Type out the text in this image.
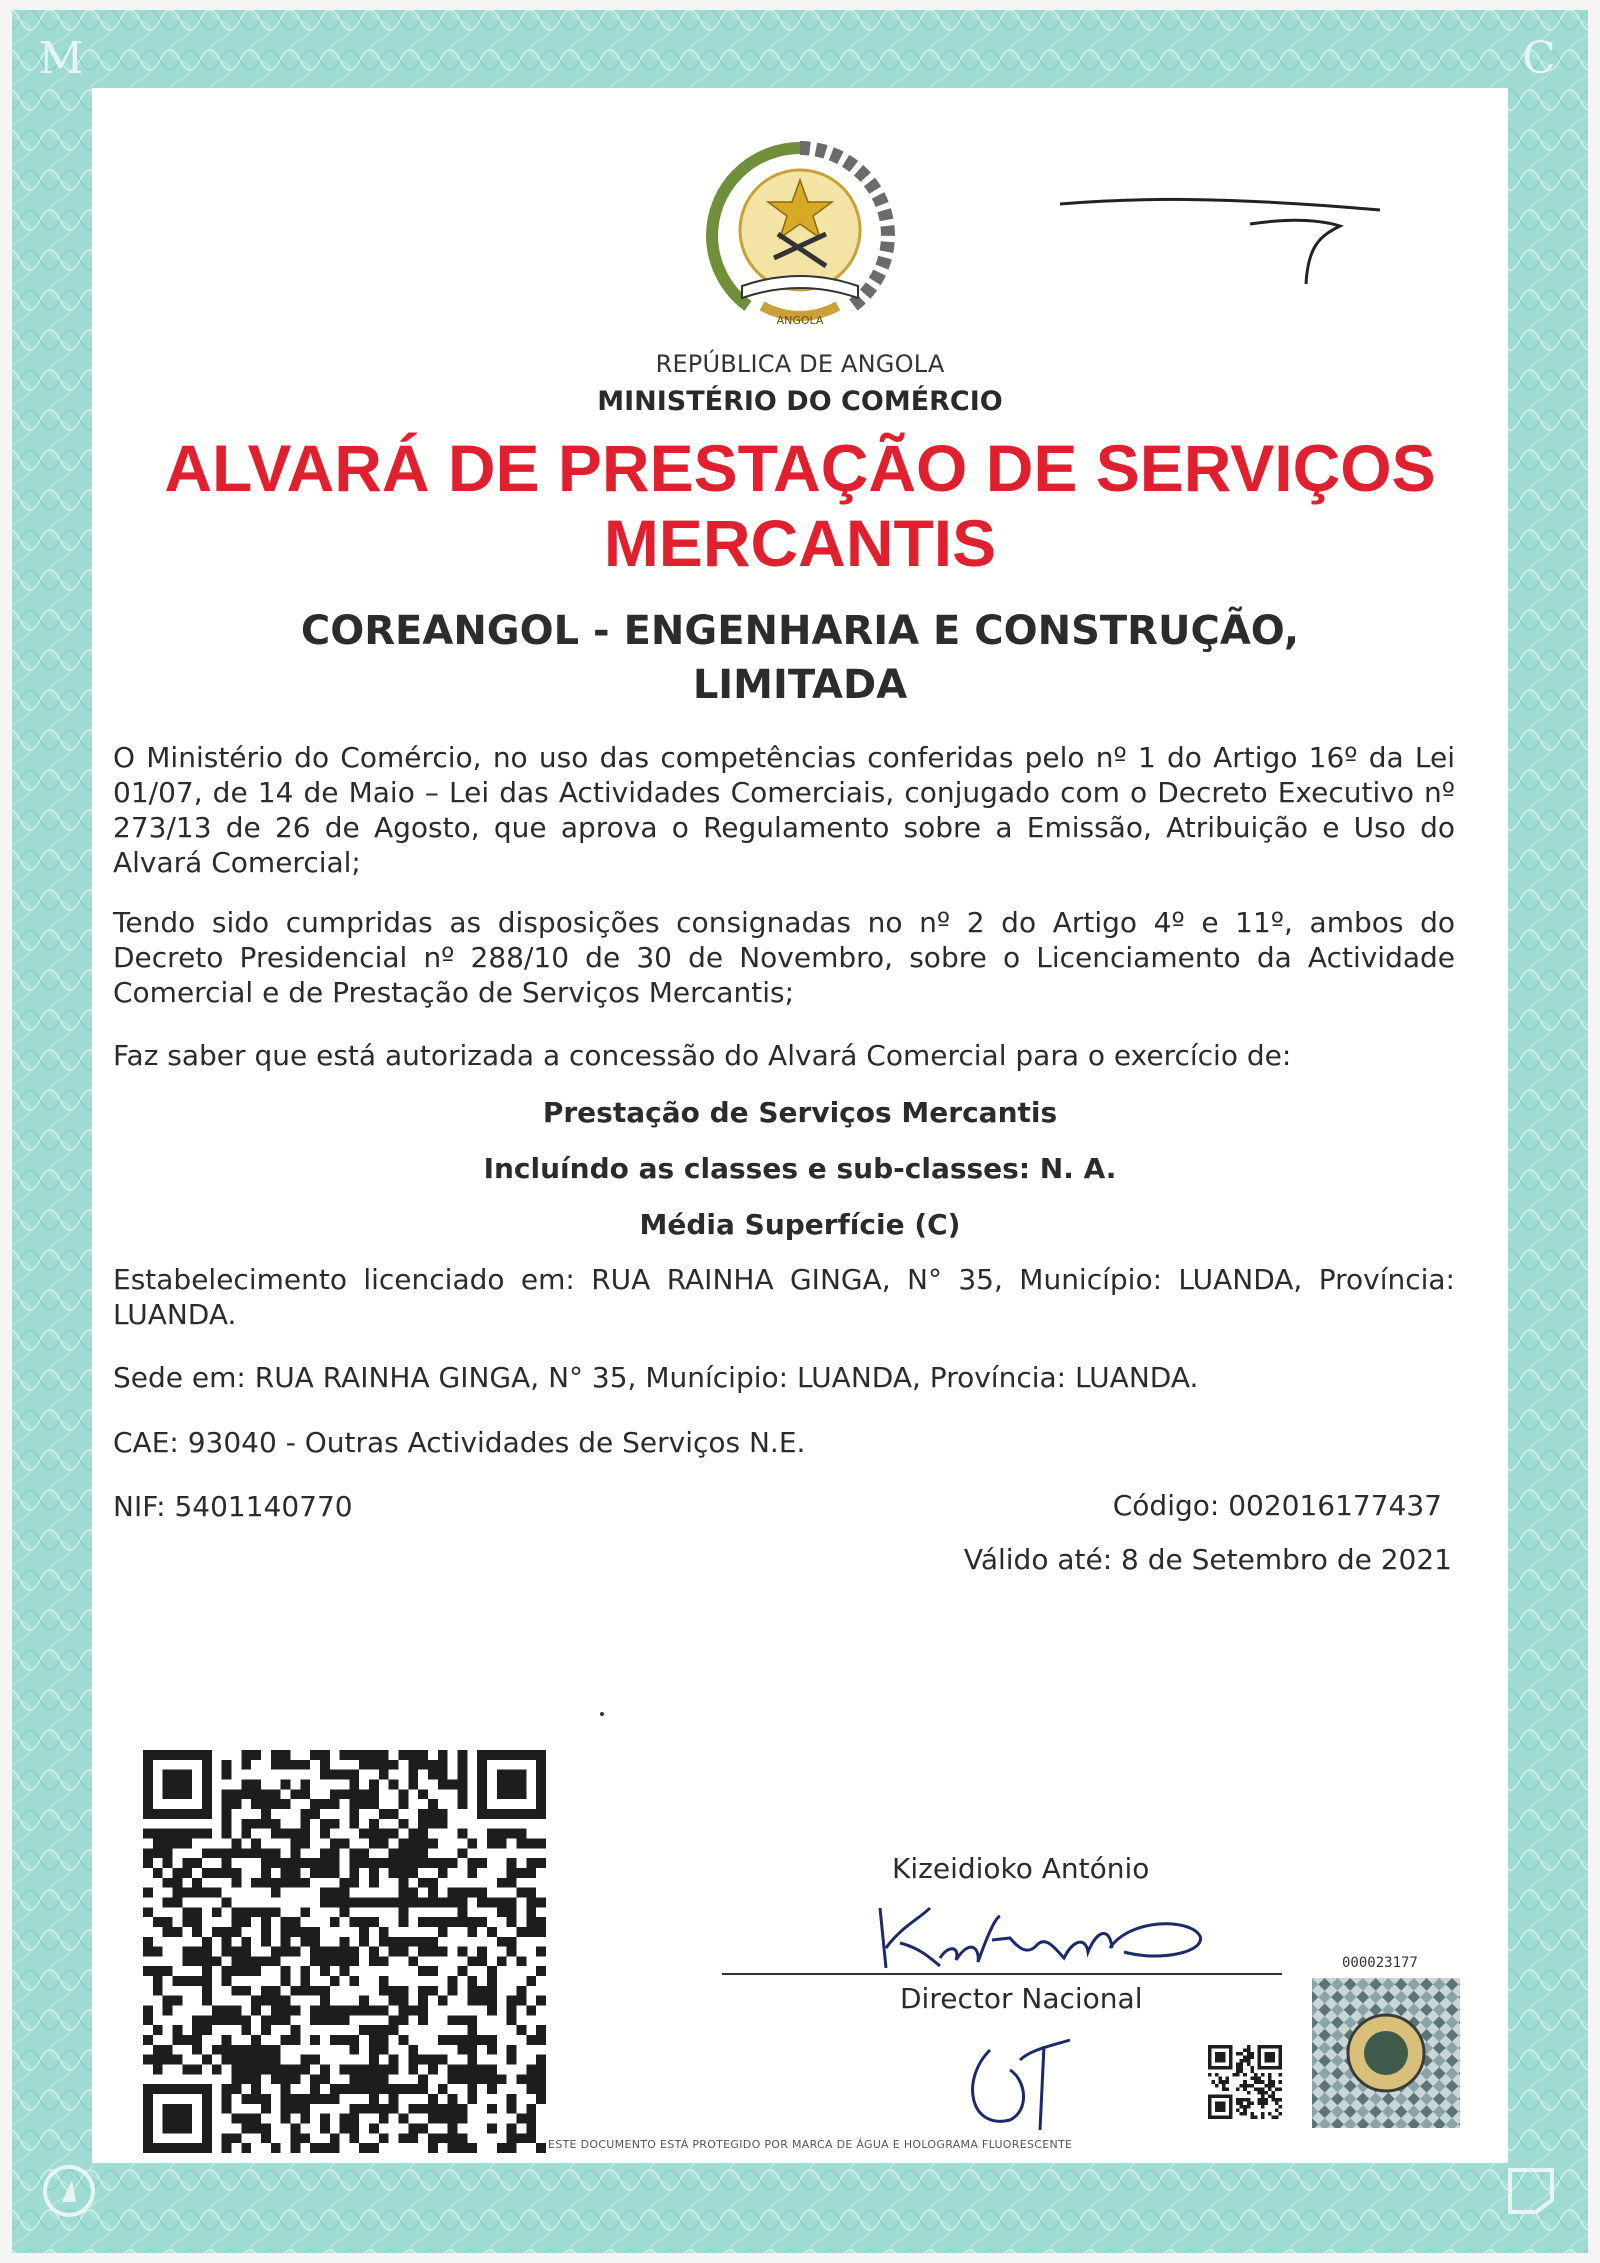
M	C
ANGOLA
REPÚBLICA DE ANGOLA
MINISTÉRIO DO COMÉRCIO
ALVARÁ DE PRESTAÇÃO DE SERVIÇOS
MERCANTIS
COREANGOL - ENGENHARIA E CONSTRUÇÃO,
LIMITADA
O Ministério do Comércio, no uso das competências conferidas pelo nº 1 do Artigo 16º da Lei 01/07, de 14 de Maio – Lei das Actividades Comerciais, conjugado com o Decreto Executivo nº 273/13 de 26 de Agosto, que aprova o Regulamento sobre a Emissão, Atribuição e Uso do Alvará Comercial;
Tendo sido cumpridas as disposições consignadas no nº 2 do Artigo 4º e 11º, ambos do Decreto Presidencial nº 288/10 de 30 de Novembro, sobre o Licenciamento da Actividade Comercial e de Prestação de Serviços Mercantis;
Faz saber que está autorizada a concessão do Alvará Comercial para o exercício de:
Prestação de Serviços Mercantis
Incluíndo as classes e sub-classes: N. A.
Média Superfície (C)
Estabelecimento licenciado em: RUA RAINHA GINGA, N° 35, Município: LUANDA, Província: LUANDA.
Sede em: RUA RAINHA GINGA, N° 35, Munícipio: LUANDA, Província: LUANDA.
CAE: 93040 - Outras Actividades de Serviços N.E.
NIF: 5401140770	Código: 002016177437
Válido até: 8 de Setembro de 2021
ESTE DOCUMENTO ESTÁ PROTEGIDO POR MARCA DE ÁGUA E HOLOGRAMA FLUORESCENTE
Kizeidioko António
Director Nacional
000023177
